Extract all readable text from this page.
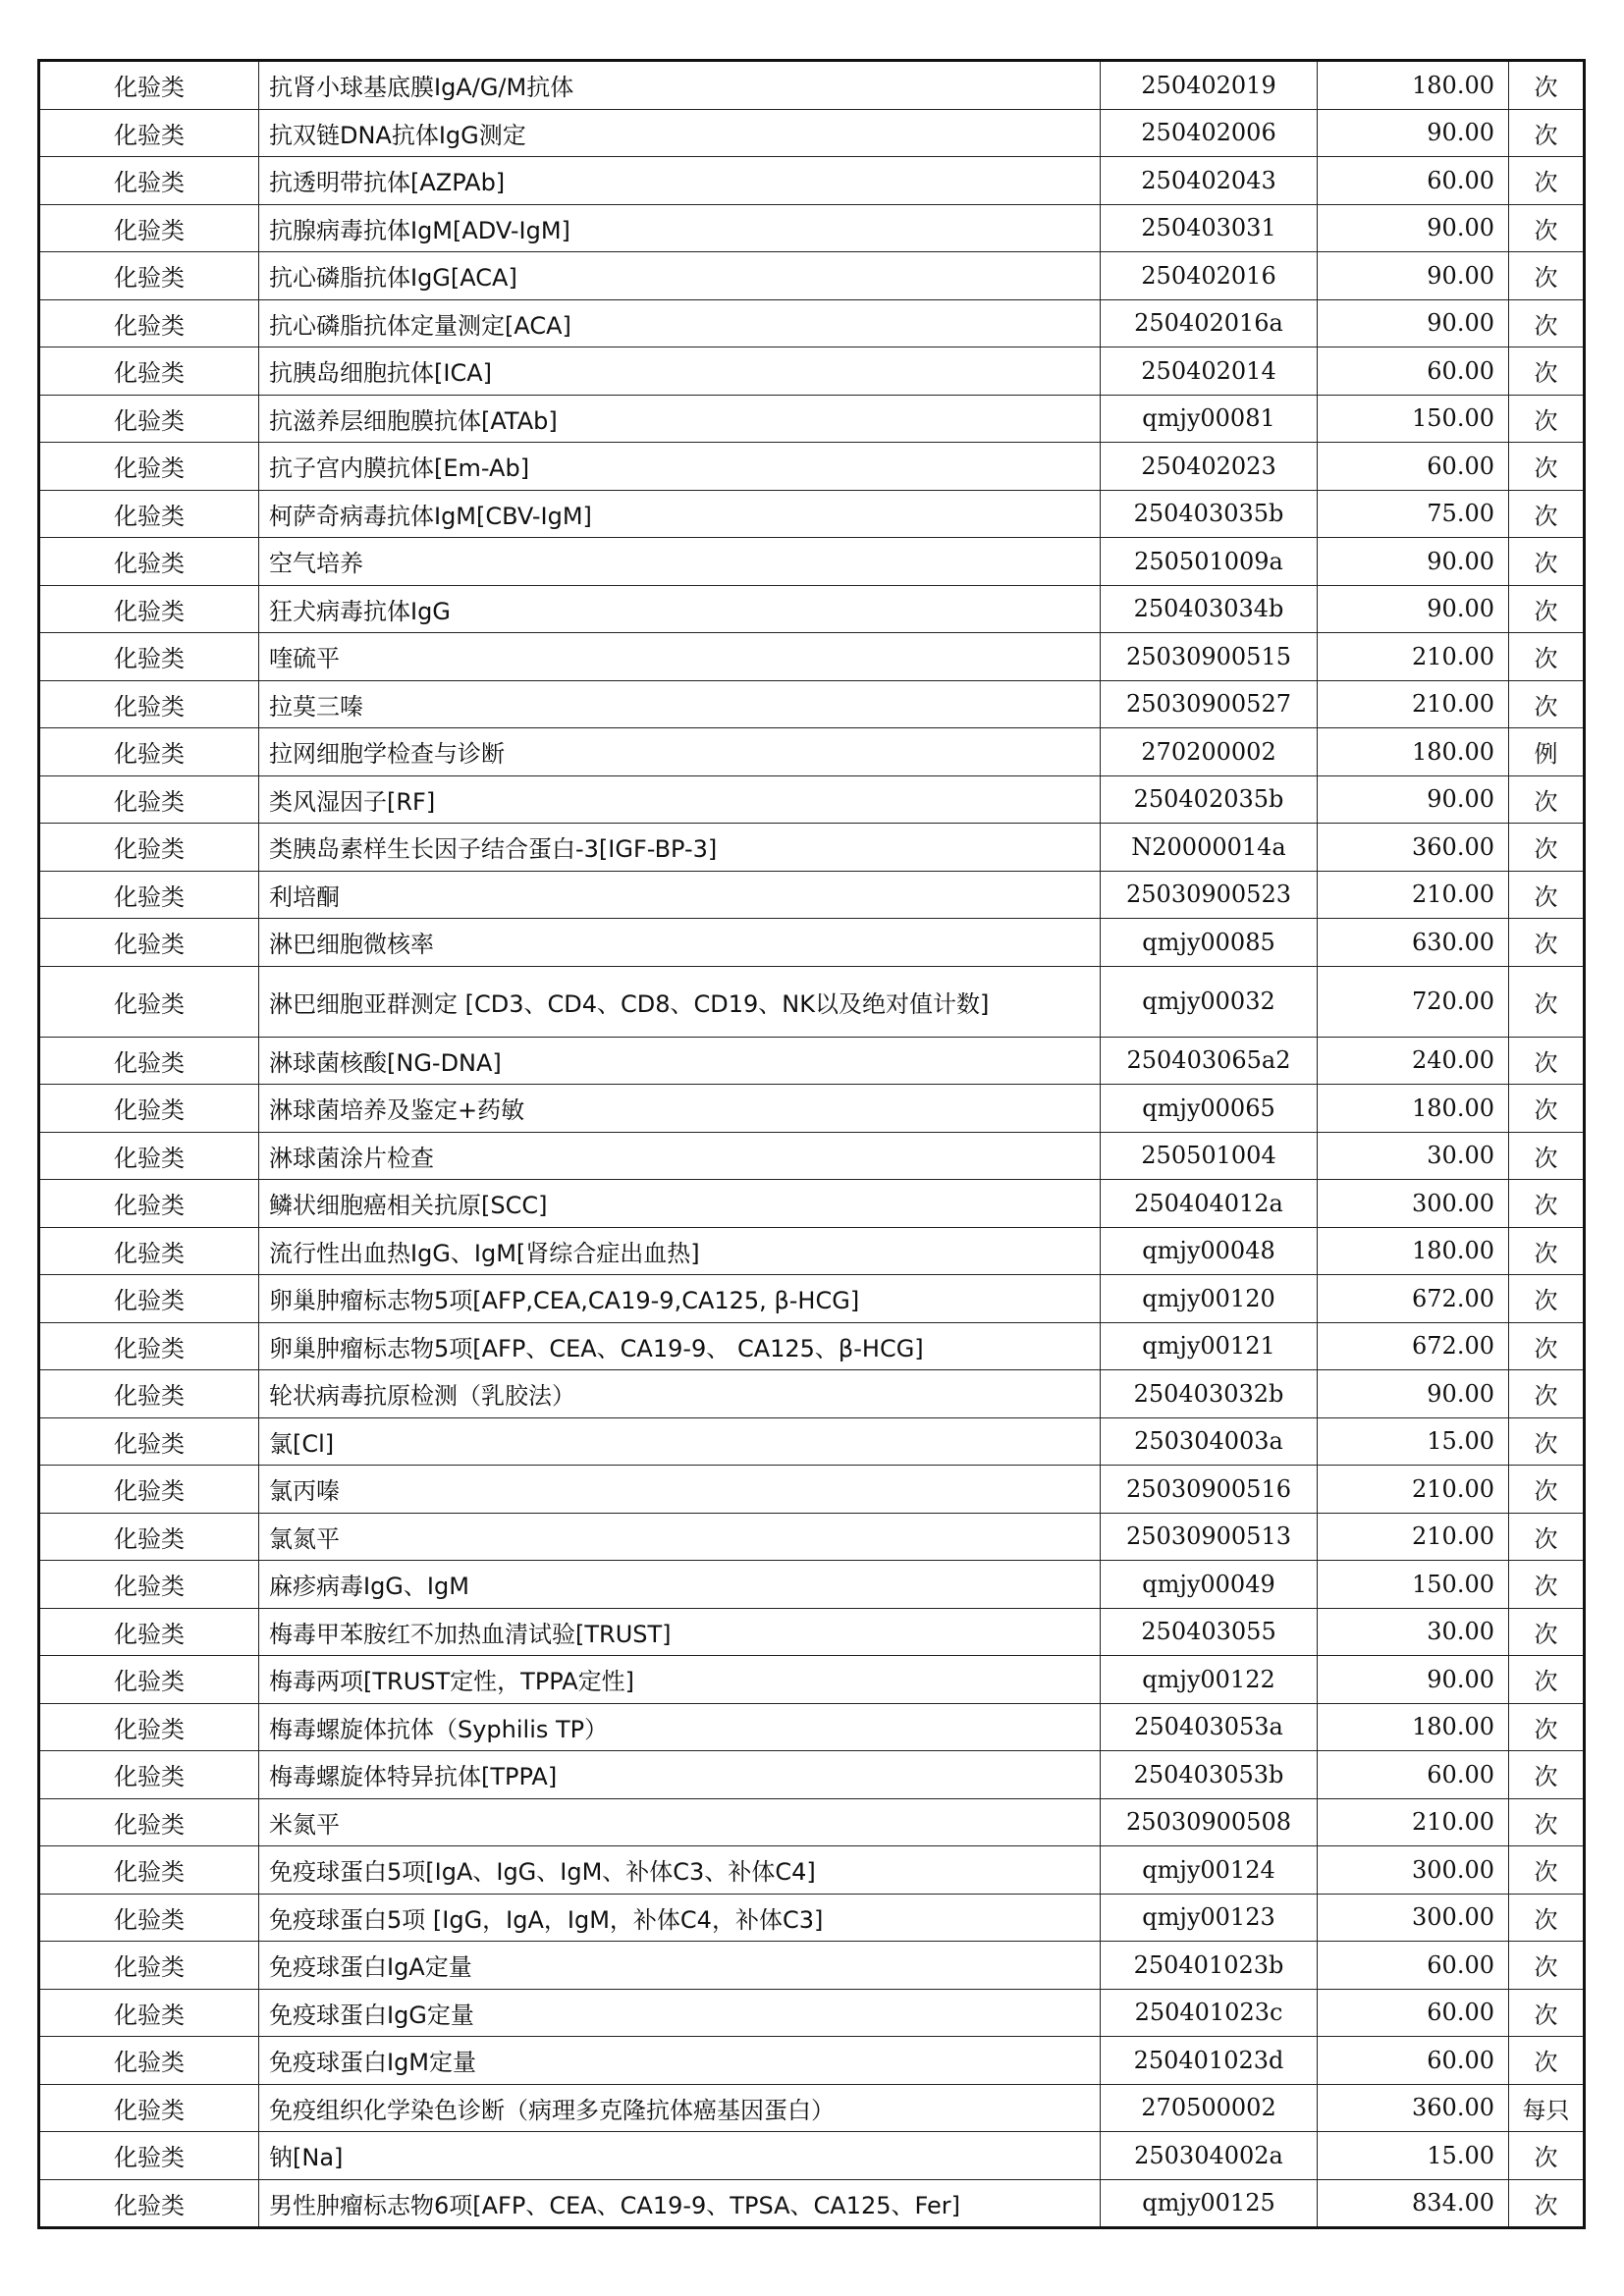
化验类	抗肾小球基底膜IgA/G/M抗体	250402019	180.00	次
化验类	抗双链DNA抗体IgG测定	250402006	90.00	次
化验类	抗透明带抗体[AZPAb]	250402043	60.00	次
化验类	抗腺病毒抗体IgM[ADV-IgM]	250403031	90.00	次
化验类	抗心磷脂抗体IgG[ACA]	250402016	90.00	次
化验类	抗心磷脂抗体定量测定[ACA]	250402016a	90.00	次
化验类	抗胰岛细胞抗体[ICA]	250402014	60.00	次
化验类	抗滋养层细胞膜抗体[ATAb]	qmjy00081	150.00	次
化验类	抗子宫内膜抗体[Em-Ab]	250402023	60.00	次
化验类	柯萨奇病毒抗体IgM[CBV-IgM]	250403035b	75.00	次
化验类	空气培养	250501009a	90.00	次
化验类	狂犬病毒抗体IgG	250403034b	90.00	次
化验类	喹硫平	25030900515	210.00	次
化验类	拉莫三嗪	25030900527	210.00	次
化验类	拉网细胞学检查与诊断	270200002	180.00	例
化验类	类风湿因子[RF]	250402035b	90.00	次
化验类	类胰岛素样生长因子结合蛋白-3[IGF-BP-3]	N20000014a	360.00	次
化验类	利培酮	25030900523	210.00	次
化验类	淋巴细胞微核率	qmjy00085	630.00	次
化验类	淋巴细胞亚群测定 [CD3、CD4、CD8、CD19、NK以及绝对值计数]	qmjy00032	720.00	次
化验类	淋球菌核酸[NG-DNA]	250403065a2	240.00	次
化验类	淋球菌培养及鉴定+药敏	qmjy00065	180.00	次
化验类	淋球菌涂片检查	250501004	30.00	次
化验类	鳞状细胞癌相关抗原[SCC]	250404012a	300.00	次
化验类	流行性出血热IgG、IgM[肾综合症出血热]	qmjy00048	180.00	次
化验类	卵巢肿瘤标志物5项[AFP,CEA,CA19-9,CA125, β-HCG]	qmjy00120	672.00	次
化验类	卵巢肿瘤标志物5项[AFP、CEA、CA19-9、 CA125、β-HCG]	qmjy00121	672.00	次
化验类	轮状病毒抗原检测（乳胶法）	250403032b	90.00	次
化验类	氯[Cl]	250304003a	15.00	次
化验类	氯丙嗪	25030900516	210.00	次
化验类	氯氮平	25030900513	210.00	次
化验类	麻疹病毒IgG、IgM	qmjy00049	150.00	次
化验类	梅毒甲苯胺红不加热血清试验[TRUST]	250403055	30.00	次
化验类	梅毒两项[TRUST定性，TPPA定性]	qmjy00122	90.00	次
化验类	梅毒螺旋体抗体（Syphilis TP）	250403053a	180.00	次
化验类	梅毒螺旋体特异抗体[TPPA]	250403053b	60.00	次
化验类	米氮平	25030900508	210.00	次
化验类	免疫球蛋白5项[IgA、IgG、IgM、补体C3、补体C4]	qmjy00124	300.00	次
化验类	免疫球蛋白5项 [IgG，IgA，IgM，补体C4，补体C3]	qmjy00123	300.00	次
化验类	免疫球蛋白IgA定量	250401023b	60.00	次
化验类	免疫球蛋白IgG定量	250401023c	60.00	次
化验类	免疫球蛋白IgM定量	250401023d	60.00	次
化验类	免疫组织化学染色诊断（病理多克隆抗体癌基因蛋白）	270500002	360.00	每只
化验类	钠[Na]	250304002a	15.00	次
化验类	男性肿瘤标志物6项[AFP、CEA、CA19-9、TPSA、CA125、Fer]	qmjy00125	834.00	次
